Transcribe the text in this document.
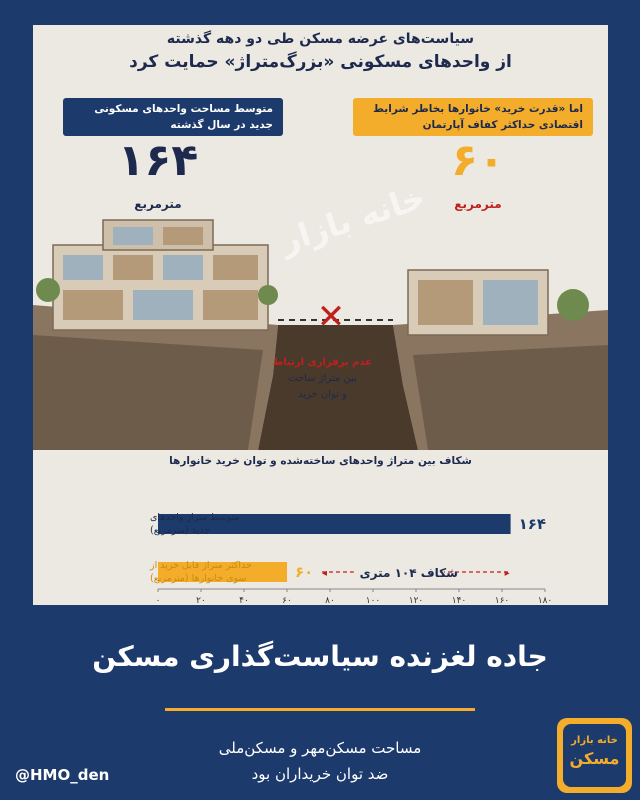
سیاست‌های عرضه مسکن طی دو دهه گذشته
از واحدهای مسکونی «بزرگ‌متراژ» حمایت کرد
متوسط مساحت واحدهای مسکونی جدید در سال گذشته
اما «قدرت خرید» خانوارها بخاطر شرایط اقتصادی حداکثر کفاف آپارتمان
۱۶۴
مترمربع
۶۰
مترمربع
خانه بازار
✕
عدم برقراری ارتباط
بین متراژ ساخت
و توان خرید
شکاف بین متراژ واحدهای ساخته‌شده و توان خرید خانوارها
۱۶۴
متوسط متراژ واحدهای جدید (مترمربع)
۶۰
حداکثر متراژ قابل خرید از سوی خانوارها (مترمربع)	◂	▸
شکاف ۱۰۴ متری
۰	۲۰	۴۰	۶۰	۸۰	۱۰۰	۱۲۰	۱۴۰	۱۶۰	۱۸۰
جاده لغزنده سیاست‌گذاری مسکن
مساحت مسکن‌مهر و مسکن‌ملی
ضد توان خریداران بود
@HMO_den
خانه بازار
مسکن
